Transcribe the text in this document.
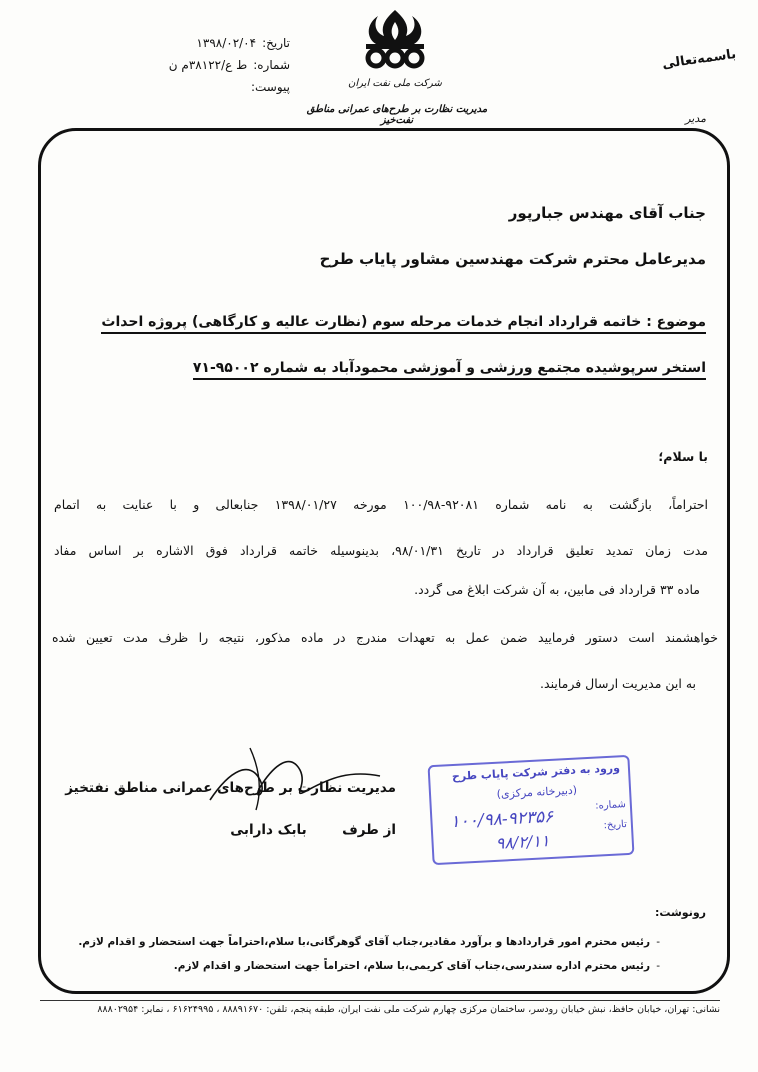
تاریخ:
۱۳۹۸/۰۲/۰۴
شماره:
ط ع/۳۸۱۲۲م ن
پیوست:
باسمه‌تعالی
مدیر
شرکت ملی نفت ایران
مدیریت نظارت بر طرح‌های عمرانی مناطق نفت‌خیز
جناب آقای مهندس جبارپور
مدیرعامل محترم شرکت مهندسین مشاور پایاب طرح
موضوع : خاتمه قرارداد انجام خدمات مرحله سوم (نظارت عالیه و کارگاهی) پروژه احداث
استخر سرپوشیده مجتمع ورزشی و آموزشی محمودآباد به شماره ۹۵۰۰۲-۷۱
با سلام؛
احتراماً، بازگشت به نامه شماره ۹۲۰۸۱-۱۰۰/۹۸ مورخه ۱۳۹۸/۰۱/۲۷ جنابعالی و با عنایت به اتمام
مدت زمان تمدید تعلیق قرارداد در تاریخ ۹۸/۰۱/۳۱، بدینوسیله خاتمه قرارداد فوق الاشاره بر اساس مفاد
ماده ۳۳ قرارداد فی مابین، به آن شرکت ابلاغ می گردد.
خواهشمند است دستور فرمایید ضمن عمل به تعهدات مندرج در ماده مذکور، نتیجه را ظرف مدت تعیین شده
به این مدیریت ارسال فرمایند.
مدیریت نظارت بر طرح‌های عمرانی مناطق نفتخیز
از طرف  بابک دارابی
ورود به دفتر شرکت پایاب طرح
(دبیرخانه مرکزی)
شماره:
تاریخ:
۱۰۰/۹۸-۹۲۳۵۶
۹۸/۲/۱۱
رونوشت:
-
رئیس محترم امور قراردادها و برآورد مقادیر،جناب آقای گوهرگانی،با سلام،احتراماً جهت استحضار و اقدام لازم.
-
رئیس محترم اداره سندرسی،جناب آقای کریمی،با سلام، احتراماً جهت استحضار و اقدام لازم.
نشانی: تهران، خیابان حافظ، نبش خیابان رودسر، ساختمان مرکزی چهارم شرکت ملی نفت ایران، طبقه پنجم، تلفن: ۸۸۸۹۱۶۷۰ ، ۶۱۶۲۴۹۹۵ ، نمابر: ۸۸۸۰۲۹۵۴
